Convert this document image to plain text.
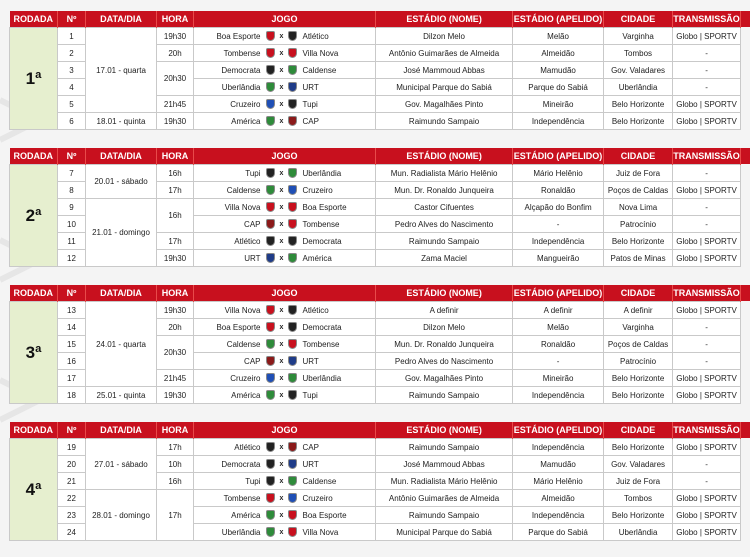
RODADA	Nº	DATA/DIA	HORA	JOGO					ESTÁDIO (NOME)	ESTÁDIO (APELIDO)	CIDADE	TRANSMISSÃO
1ª	1	17.01 - quarta	19h30	Boa Esporte		x		Atlético	Dilzon Melo	Melão	Varginha	Globo | SPORTV
	2		20h	Tombense		x		Villa Nova	Antônio Guimarães de Almeida	Almeidão	Tombos	-
	3		20h30	Democrata		x		Caldense	José Mammoud Abbas	Mamudão	Gov. Valadares	-
	4			Uberlândia		x		URT	Municipal Parque do Sabiá	Parque do Sabiá	Uberlândia	-
	5		21h45	Cruzeiro		x		Tupi	Gov. Magalhães Pinto	Mineirão	Belo Horizonte	Globo | SPORTV
	6	18.01 - quinta	19h30	América		x		CAP	Raimundo Sampaio	Independência	Belo Horizonte	Globo | SPORTV
RODADA	Nº	DATA/DIA	HORA	JOGO					ESTÁDIO (NOME)	ESTÁDIO (APELIDO)	CIDADE	TRANSMISSÃO
2ª	7	20.01 - sábado	16h	Tupi		x		Uberlândia	Mun. Radialista Mário Helênio	Mário Helênio	Juiz de Fora	-
	8		17h	Caldense		x		Cruzeiro	Mun. Dr. Ronaldo Junqueira	Ronaldão	Poços de Caldas	Globo | SPORTV
	9	21.01 - domingo	16h	Villa Nova		x		Boa Esporte	Castor Cifuentes	Alçapão do Bonfim	Nova Lima	-
	10			CAP		x		Tombense	Pedro Alves do Nascimento	-	Patrocínio	-
	11		17h	Atlético		x		Democrata	Raimundo Sampaio	Independência	Belo Horizonte	Globo | SPORTV
	12		19h30	URT		x		América	Zama Maciel	Mangueirão	Patos de Minas	Globo | SPORTV
RODADA	Nº	DATA/DIA	HORA	JOGO					ESTÁDIO (NOME)	ESTÁDIO (APELIDO)	CIDADE	TRANSMISSÃO
3ª	13	24.01 - quarta	19h30	Villa Nova		x		Atlético	A definir	A definir	A definir	Globo | SPORTV
	14		20h	Boa Esporte		x		Democrata	Dilzon Melo	Melão	Varginha	-
	15		20h30	Caldense		x		Tombense	Mun. Dr. Ronaldo Junqueira	Ronaldão	Poços de Caldas	-
	16			CAP		x		URT	Pedro Alves do Nascimento	-	Patrocínio	-
	17		21h45	Cruzeiro		x		Uberlândia	Gov. Magalhães Pinto	Mineirão	Belo Horizonte	Globo | SPORTV
	18	25.01 - quinta	19h30	América		x		Tupi	Raimundo Sampaio	Independência	Belo Horizonte	Globo | SPORTV
RODADA	Nº	DATA/DIA	HORA	JOGO					ESTÁDIO (NOME)	ESTÁDIO (APELIDO)	CIDADE	TRANSMISSÃO
4ª	19	27.01 - sábado	17h	Atlético		x		CAP	Raimundo Sampaio	Independência	Belo Horizonte	Globo | SPORTV
	20		10h	Democrata		x		URT	José Mammoud Abbas	Mamudão	Gov. Valadares	-
	21		16h	Tupi		x		Caldense	Mun. Radialista Mário Helênio	Mário Helênio	Juiz de Fora	-
	22	28.01 - domingo	17h	Tombense		x		Cruzeiro	Antônio Guimarães de Almeida	Almeidão	Tombos	Globo | SPORTV
	23			América		x		Boa Esporte	Raimundo Sampaio	Independência	Belo Horizonte	Globo | SPORTV
	24			Uberlândia		x		Villa Nova	Municipal Parque do Sabiá	Parque do Sabiá	Uberlândia	Globo | SPORTV
